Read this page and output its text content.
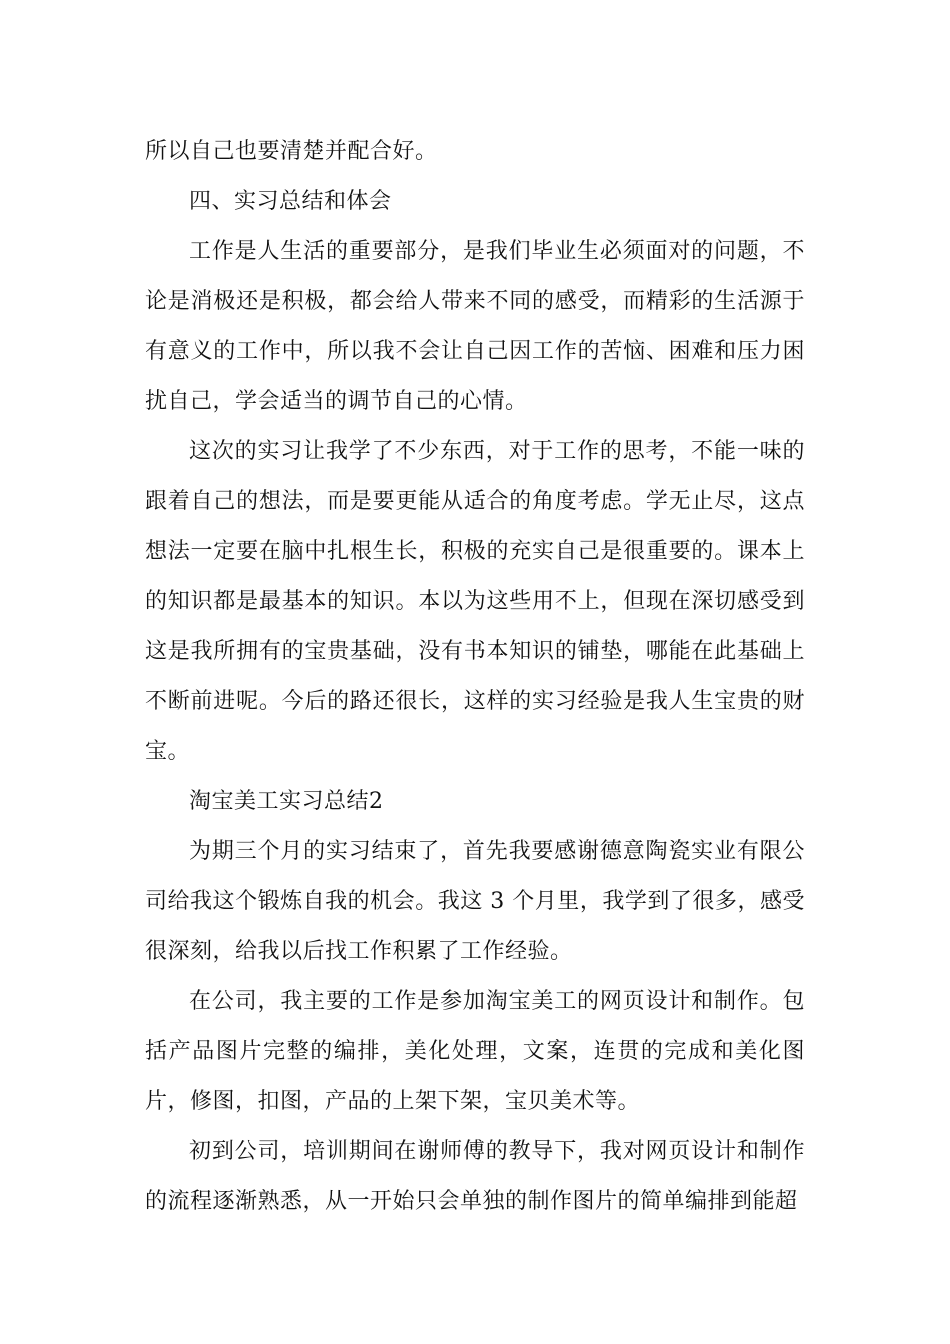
所以自己也要清楚并配合好。

四、实习总结和体会

工作是人生活的重要部分，是我们毕业生必须面对的问题，不论是消极还是积极，都会给人带来不同的感受，而精彩的生活源于有意义的工作中，所以我不会让自己因工作的苦恼、困难和压力困扰自己，学会适当的调节自己的心情。

这次的实习让我学了不少东西，对于工作的思考，不能一味的跟着自己的想法，而是要更能从适合的角度考虑。学无止尽，这点想法一定要在脑中扎根生长，积极的充实自己是很重要的。课本上的知识都是最基本的知识。本以为这些用不上，但现在深切感受到这是我所拥有的宝贵基础，没有书本知识的铺垫，哪能在此基础上不断前进呢。今后的路还很长，这样的实习经验是我人生宝贵的财宝。

淘宝美工实习总结2

为期三个月的实习结束了，首先我要感谢德意陶瓷实业有限公司给我这个锻炼自我的机会。我这 3 个月里，我学到了很多，感受很深刻，给我以后找工作积累了工作经验。

在公司，我主要的工作是参加淘宝美工的网页设计和制作。包括产品图片完整的编排，美化处理，文案，连贯的完成和美化图片，修图，扣图，产品的上架下架，宝贝美术等。

初到公司，培训期间在谢师傅的教导下，我对网页设计和制作的流程逐渐熟悉，从一开始只会单独的制作图片的简单编排到能超
